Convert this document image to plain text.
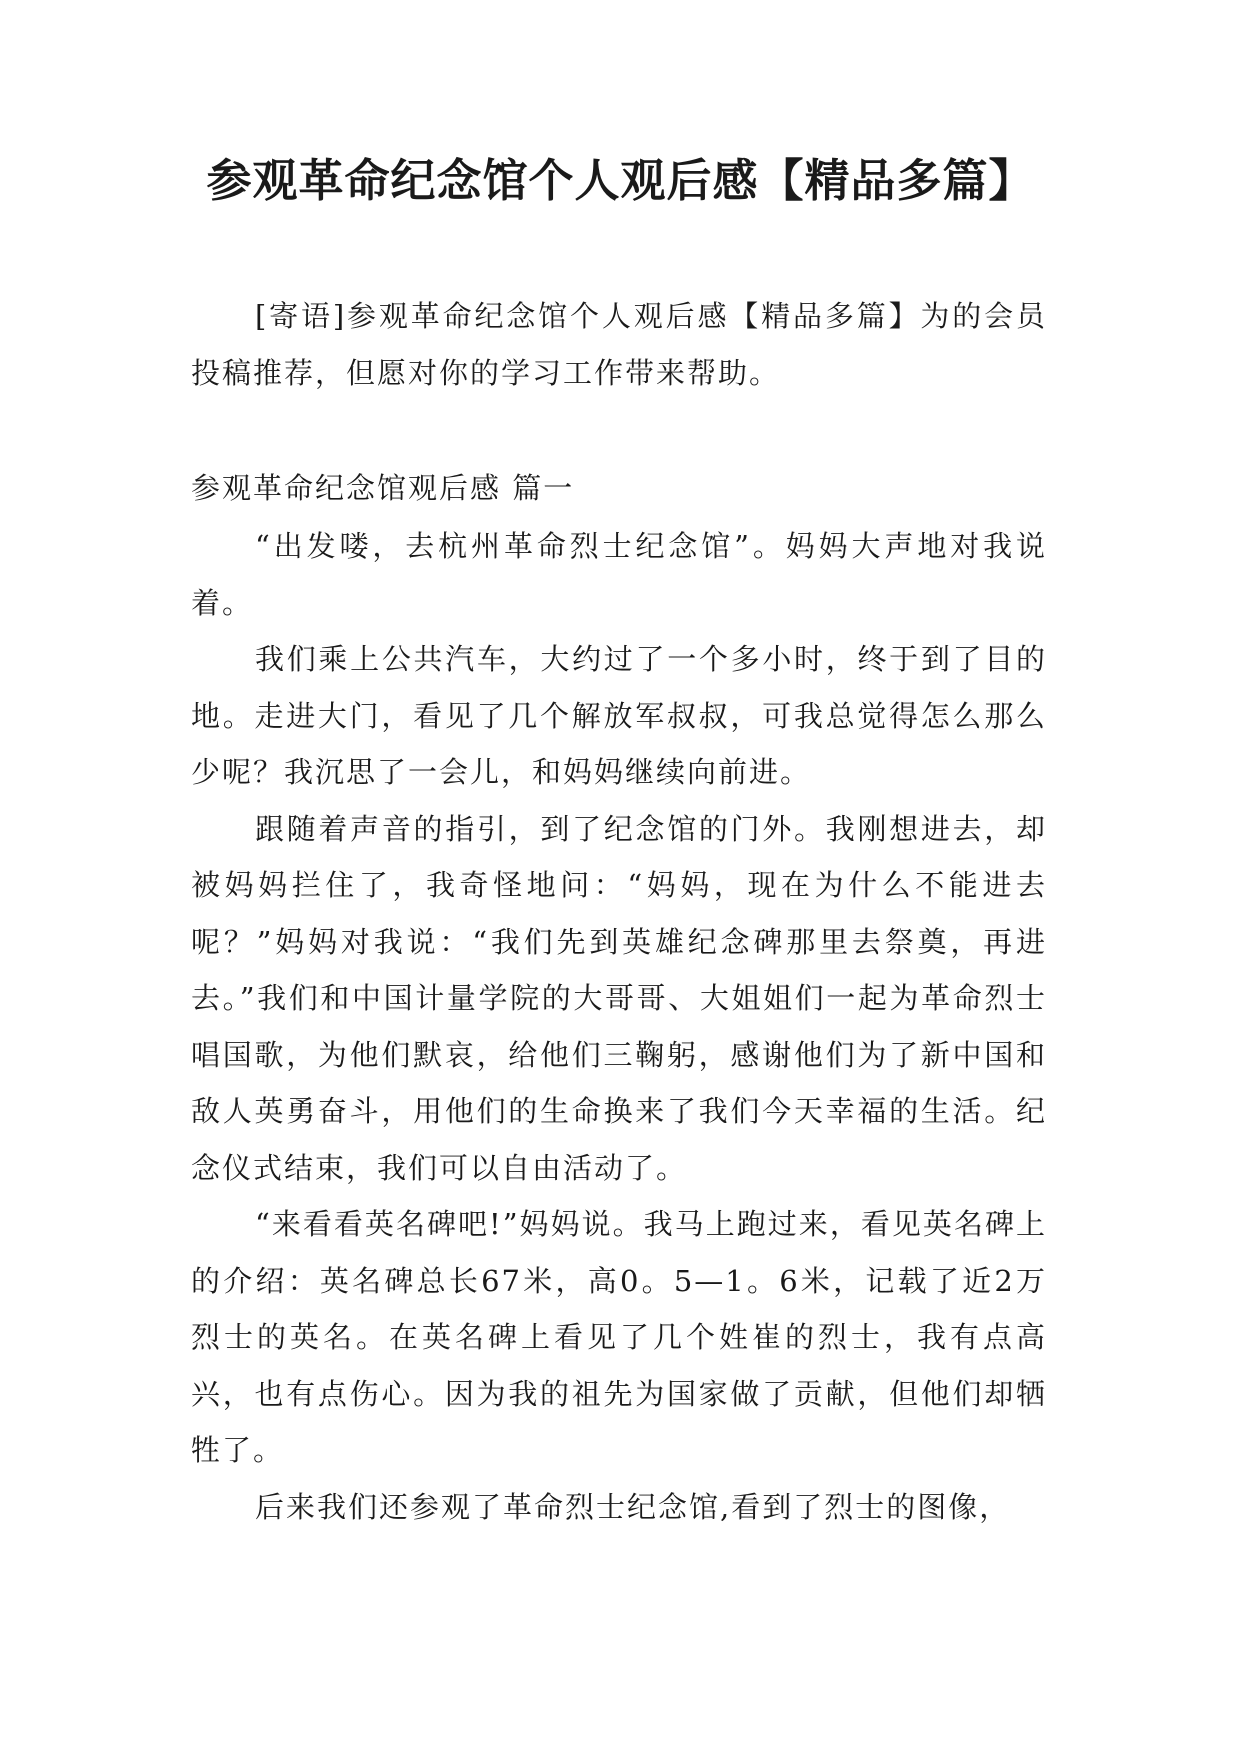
参观革命纪念馆个人观后感【精品多篇】

[寄语]参观革命纪念馆个人观后感【精品多篇】为的会员投稿推荐，但愿对你的学习工作带来帮助。

参观革命纪念馆观后感 篇一

“出发喽，去杭州革命烈士纪念馆”。妈妈大声地对我说着。

我们乘上公共汽车，大约过了一个多小时，终于到了目的地。走进大门，看见了几个解放军叔叔，可我总觉得怎么那么少呢？我沉思了一会儿，和妈妈继续向前进。

跟随着声音的指引，到了纪念馆的门外。我刚想进去，却被妈妈拦住了，我奇怪地问：“妈妈，现在为什么不能进去呢？”妈妈对我说：“我们先到英雄纪念碑那里去祭奠，再进去。”我们和中国计量学院的大哥哥、大姐姐们一起为革命烈士唱国歌，为他们默哀，给他们三鞠躬，感谢他们为了新中国和敌人英勇奋斗，用他们的生命换来了我们今天幸福的生活。纪念仪式结束，我们可以自由活动了。

“来看看英名碑吧!”妈妈说。我马上跑过来，看见英名碑上的介绍：英名碑总长67米，高0。5—1。6米，记载了近2万烈士的英名。在英名碑上看见了几个姓崔的烈士，我有点高兴，也有点伤心。因为我的祖先为国家做了贡献，但他们却牺牲了。

后来我们还参观了革命烈士纪念馆,看到了烈士的图像，
